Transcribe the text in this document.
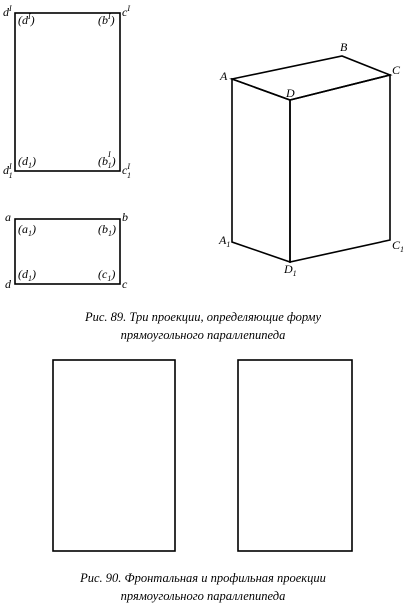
$d^I$	$c^I$
$d^I$ 1	$c^I$ 1
$(d^I)$	$(b^I)$
$(d_1)$	($b^I$ 1)
a	b
d	c
$(a_1)$	$(b_1)$
$(d_1)$	$(c_1)$
A
B
C
D
$A_1$	$C_1$
$D_1$
Рис. 89. Три проекции, определяющие форму
прямоугольного параллепипеда
Рис. 90. Фронтальная и профильная проекции
прямоугольного параллепипеда
